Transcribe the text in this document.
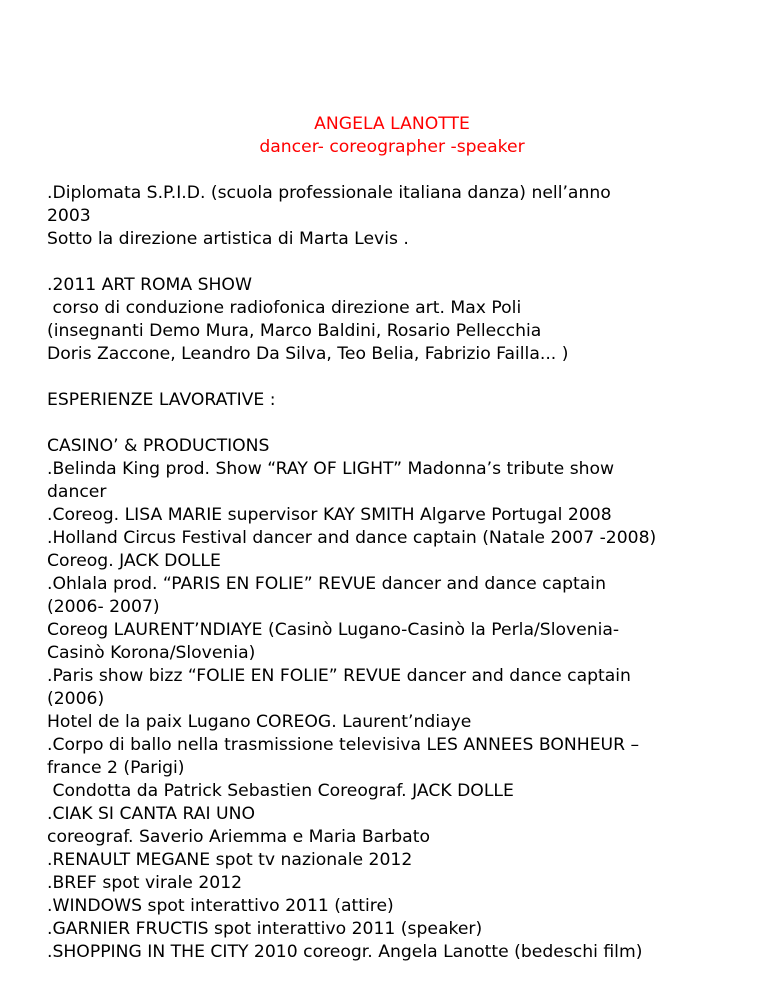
ANGELA LANOTTE
dancer- coreographer -speaker
.Diplomata S.P.I.D. (scuola professionale italiana danza) nell’anno
2003
Sotto la direzione artistica di Marta Levis .
.2011 ART ROMA SHOW
corso di conduzione radiofonica direzione art. Max Poli
(insegnanti Demo Mura, Marco Baldini, Rosario Pellecchia
Doris Zaccone, Leandro Da Silva, Teo Belia, Fabrizio Failla... )
ESPERIENZE LAVORATIVE :
CASINO’ & PRODUCTIONS
.Belinda King prod. Show “RAY OF LIGHT” Madonna’s tribute show
dancer
.Coreog. LISA MARIE supervisor KAY SMITH Algarve Portugal 2008
.Holland Circus Festival dancer and dance captain (Natale 2007 -2008)
Coreog. JACK DOLLE
.Ohlala prod. “PARIS EN FOLIE” REVUE dancer and dance captain
(2006- 2007)
Coreog LAURENT’NDIAYE (Casinò Lugano-Casinò la Perla/Slovenia-
Casinò Korona/Slovenia)
.Paris show bizz “FOLIE EN FOLIE” REVUE dancer and dance captain
(2006)
Hotel de la paix Lugano COREOG. Laurent’ndiaye
.Corpo di ballo nella trasmissione televisiva LES ANNEES BONHEUR –
france 2 (Parigi)
Condotta da Patrick Sebastien Coreograf. JACK DOLLE
.CIAK SI CANTA RAI UNO
coreograf. Saverio Ariemma e Maria Barbato
.RENAULT MEGANE spot tv nazionale 2012
.BREF spot virale 2012
.WINDOWS spot interattivo 2011 (attire)
.GARNIER FRUCTIS spot interattivo 2011 (speaker)
.SHOPPING IN THE CITY 2010 coreogr. Angela Lanotte (bedeschi film)
